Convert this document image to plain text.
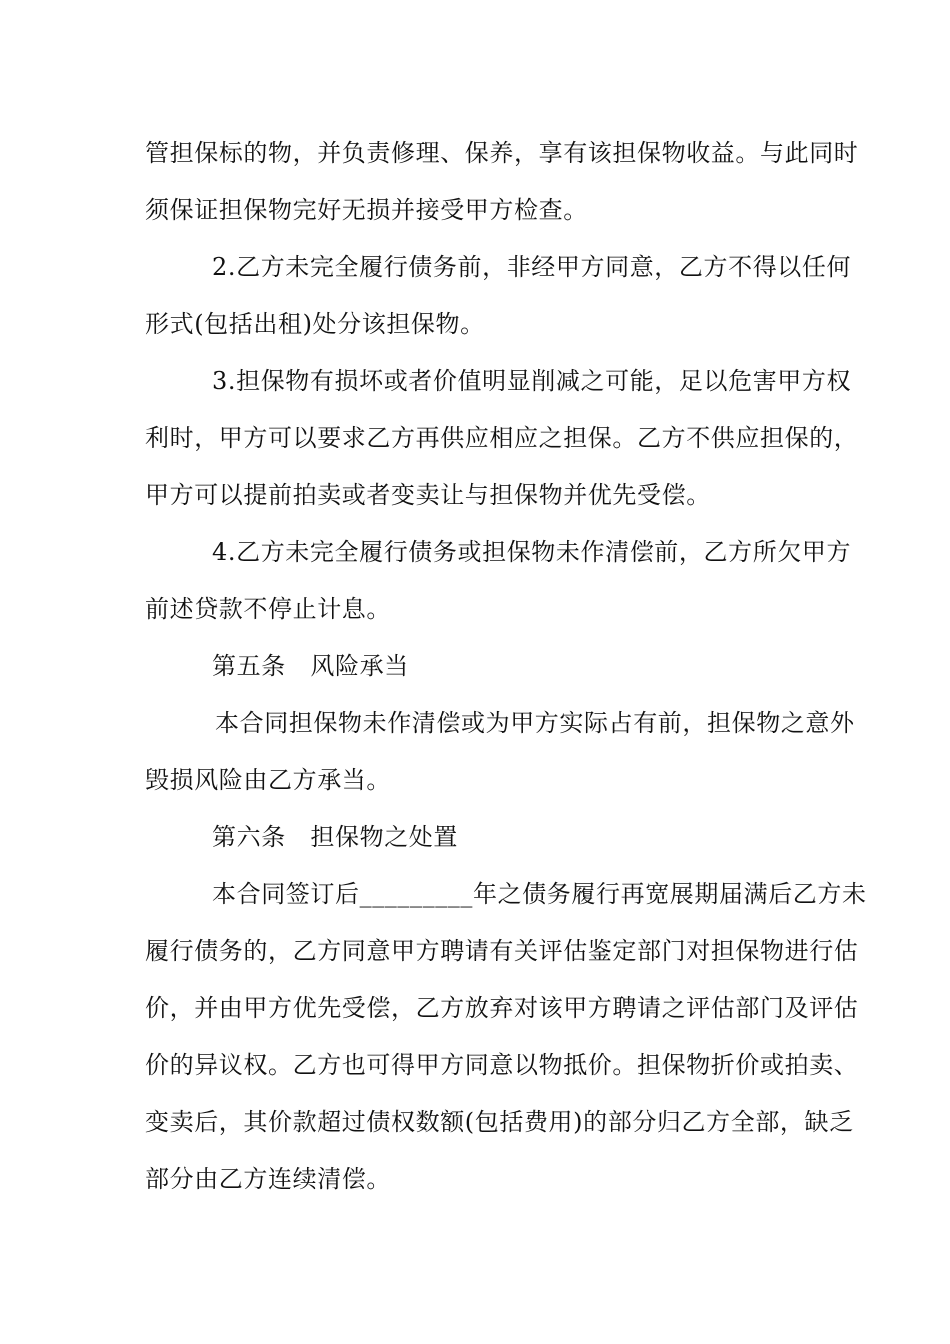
管担保标的物，并负责修理、保养，享有该担保物收益。与此同时
须保证担保物完好无损并接受甲方检查。
2.乙方未完全履行债务前，非经甲方同意，乙方不得以任何
形式(包括出租)处分该担保物。
3.担保物有损坏或者价值明显削减之可能，足以危害甲方权
利时，甲方可以要求乙方再供应相应之担保。乙方不供应担保的，
甲方可以提前拍卖或者变卖让与担保物并优先受偿。
4.乙方未完全履行债务或担保物未作清偿前，乙方所欠甲方
前述贷款不停止计息。
第五条　风险承当
本合同担保物未作清偿或为甲方实际占有前，担保物之意外
毁损风险由乙方承当。
第六条　担保物之处置
本合同签订后_________年之债务履行再宽展期届满后乙方未
履行债务的，乙方同意甲方聘请有关评估鉴定部门对担保物进行估
价，并由甲方优先受偿，乙方放弃对该甲方聘请之评估部门及评估
价的异议权。乙方也可得甲方同意以物抵价。担保物折价或拍卖、
变卖后，其价款超过债权数额(包括费用)的部分归乙方全部，缺乏
部分由乙方连续清偿。
